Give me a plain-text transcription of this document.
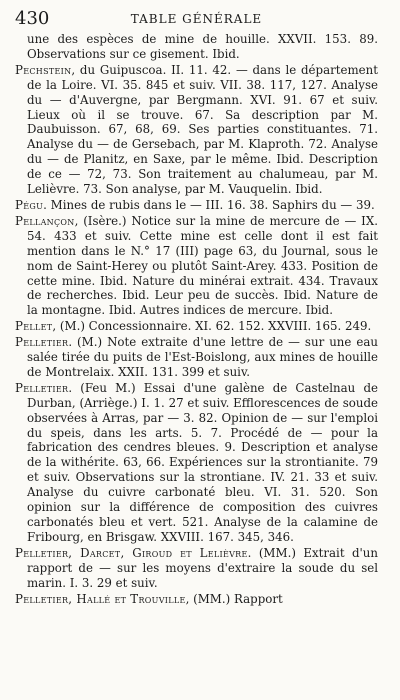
430	TABLE GÉNÉRALE

une des espèces de mine de houille. XXVII. 153. 89. Observations sur ce gisement. Ibid.

Pechstein, du Guipuscoa. II. 11. 42. — dans le département de la Loire. VI. 35. 845 et suiv. VII. 38. 117, 127. Analyse du — d'Auvergne, par Bergmann. XVI. 91. 67 et suiv. Lieux où il se trouve. 67. Sa description par M. Daubuisson. 67, 68, 69. Ses parties constituantes. 71. Analyse du — de Gersebach, par M. Klaproth. 72. Analyse du — de Planitz, en Saxe, par le même. Ibid. Description de ce — 72, 73. Son traitement au chalumeau, par M. Lelièvre. 73. Son analyse, par M. Vauquelin. Ibid.

Pégu. Mines de rubis dans le — III. 16. 38. Saphirs du — 39.

Pellançon, (Isère.) Notice sur la mine de mercure de — IX. 54. 433 et suiv. Cette mine est celle dont il est fait mention dans le N.° 17 (III) page 63, du Journal, sous le nom de Saint-Herey ou plutôt Saint-Arey. 433. Position de cette mine. Ibid. Nature du minérai extrait. 434. Travaux de recherches. Ibid. Leur peu de succès. Ibid. Nature de la montagne. Ibid. Autres indices de mercure. Ibid.

Pellet, (M.) Concessionnaire. XI. 62. 152. XXVIII. 165. 249.

Pelletier. (M.) Note extraite d'une lettre de — sur une eau salée tirée du puits de l'Est-Boislong, aux mines de houille de Montrelaix. XXII. 131. 399 et suiv.

Pelletier. (Feu M.) Essai d'une galène de Castelnau de Durban, (Arriège.) I. 1. 27 et suiv. Efflorescences de soude observées à Arras, par — 3. 82. Opinion de — sur l'emploi du speis, dans les arts. 5. 7. Procédé de — pour la fabrication des cendres bleues. 9. Description et analyse de la withérite. 63, 66. Expériences sur la strontianite. 79 et suiv. Observations sur la strontiane. IV. 21. 33 et suiv. Analyse du cuivre carbonaté bleu. VI. 31. 520. Son opinion sur la différence de composition des cuivres carbonatés bleu et vert. 521. Analyse de la calamine de Fribourg, en Brisgaw. XXVIII. 167. 345, 346.

Pelletier, Darcet, Giroud et Lelièvre. (MM.) Extrait d'un rapport de — sur les moyens d'extraire la soude du sel marin. I. 3. 29 et suiv.

Pelletier, Hallé et Trouville, (MM.) Rapport
